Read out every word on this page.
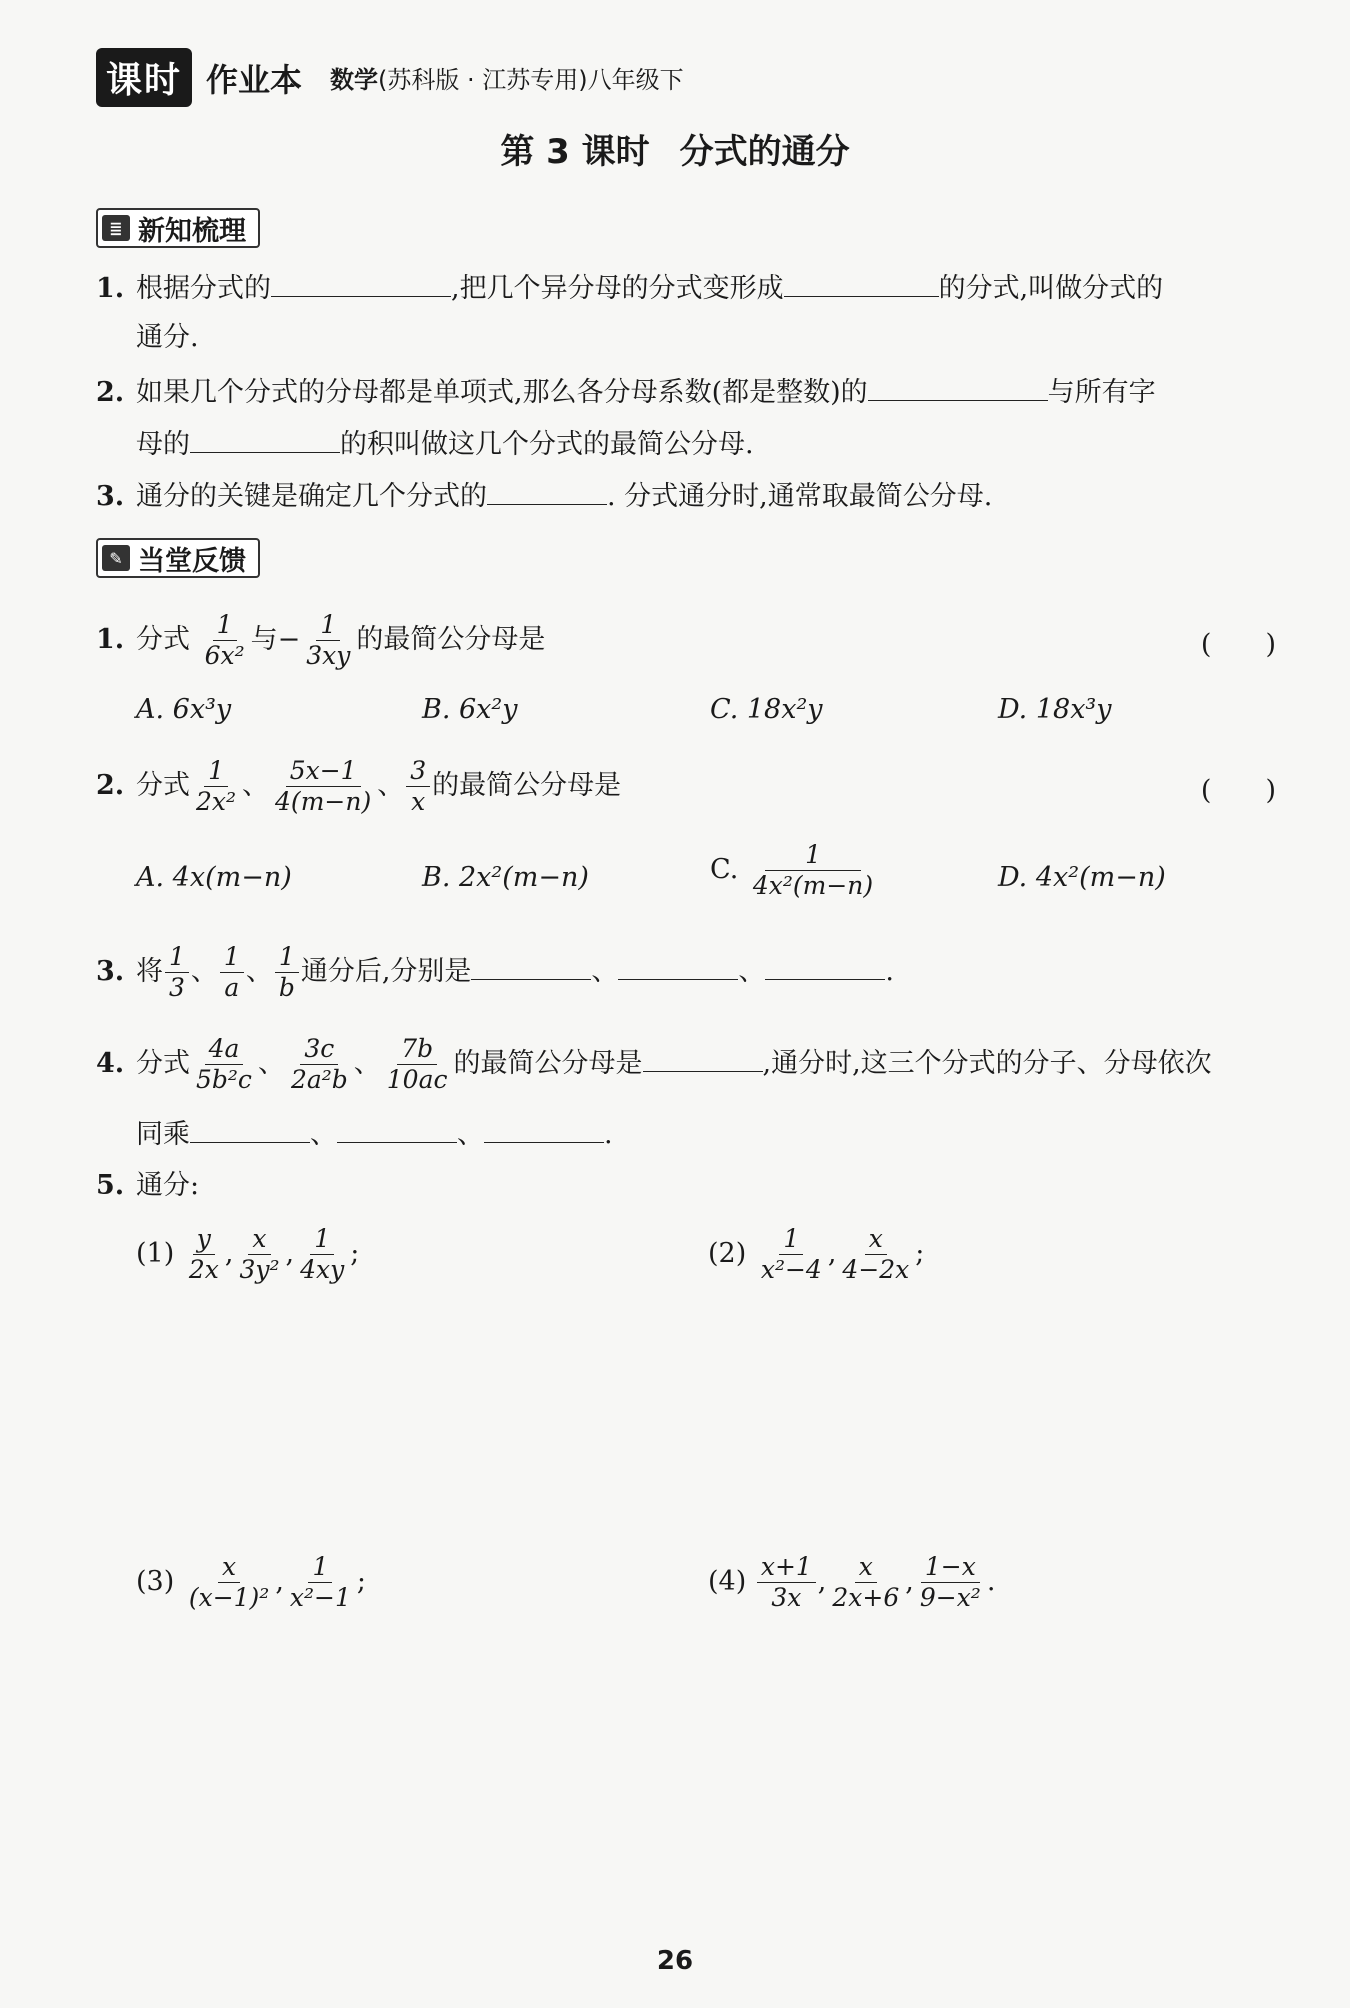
课时 作业本 数学(苏科版 · 江苏专用)八年级下
第 3 课时 分式的通分
≣ 新知梳理
1. 根据分式的	,把几个异分母的分式变形成	的分式,叫做分式的
通分.
2. 如果几个分式的分母都是单项式,那么各分母系数(都是整数)的	与所有字
母的	的积叫做这几个分式的最简公分母.
3. 通分的关键是确定几个分式的	. 分式通分时,通常取最简公分母.
✎ 当堂反馈
1. 分式 $\frac{1}{\text{6x²}}$ 与− $\frac{1}{3xy}$ 的最简公分母是	(　　)
A. 6x³y	B. 6x²y	C. 18x²y	D. 18x³y
2. 分式 $\frac{1}{\text{2x²}}$ 、 $\frac{5x-1}{4(m-n)}$ 、 $\frac{3}{x}$ 的最简公分母是	(　　)
A. 4x(m−n)	B. 2x²(m−n)	C. $\frac{1}{\text{4x²(m−n)}}$	D. 4x²(m−n)
3. 将 $\frac{1}{3}$ 、 $\frac{1}{a}$ 、 $\frac{1}{b}$ 通分后,分别是	、	、	.
4. 分式 $\frac{4a}{\text{5b²c}}$ 、 $\frac{3c}{\text{2a²b}}$ 、 $\frac{7b}{10ac}$ 的最简公分母是	,通分时,这三个分式的分子、分母依次
同乘	、	、	.
5. 通分:
$(1) \frac{y}{2x}$ , $\frac{x}{\text{3y²}}$ , $\frac{1}{4xy}$ ;	$(2) \frac{1}{\text{x²−4}}$ , $\frac{x}{4-2x}$ ;
$(3) \frac{x}{\text{(x−1)²}}$ , $\frac{1}{\text{x²−1}}$ ;	$(4) \frac{x+1}{3x}$ , $\frac{x}{2x+6}$ , $\frac{1-x}{\text{9−x²}}$ .
26
